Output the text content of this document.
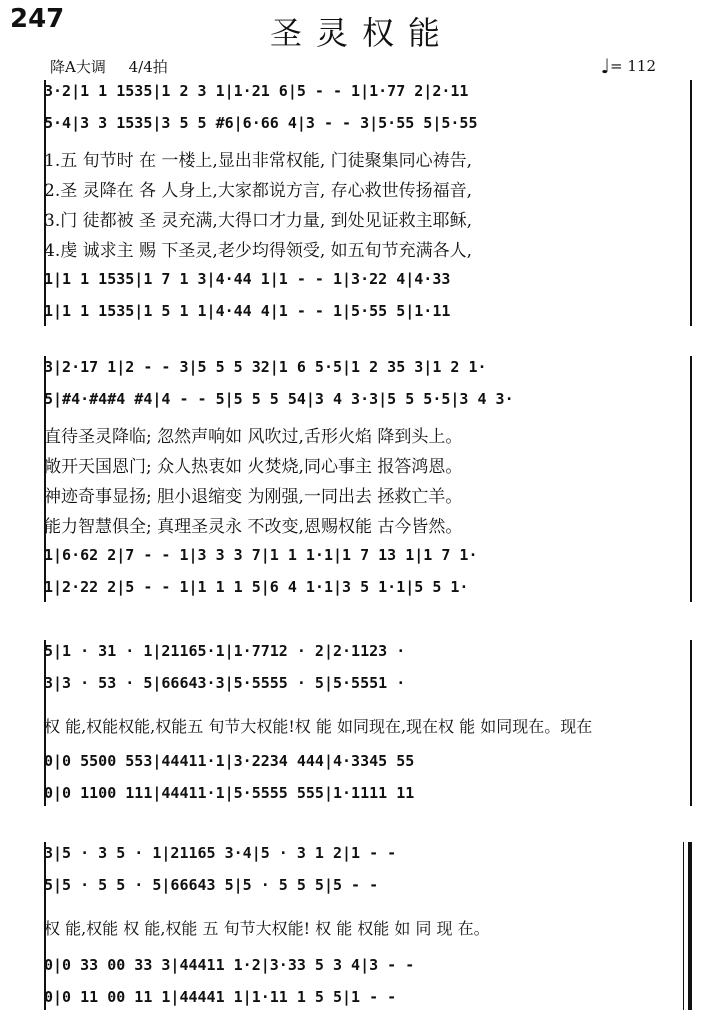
247	圣灵权能
降A大调 4/4拍	♩= 112
3·2|1 1 1535|1 2 3 1|1·21 6|5 - - 1|1·77 2|2·11
5·4|3 3 1535|3 5 5 #6|6·66 4|3 - - 3|5·55 5|5·55
1.五 旬节时 在 一楼上,显出非常权能, 门徒聚集同心祷告,
2.圣 灵降在 各 人身上,大家都说方言, 存心救世传扬福音,
3.门 徒都被 圣 灵充满,大得口才力量, 到处见证救主耶稣,
4.虔 诚求主 赐 下圣灵,老少均得领受, 如五旬节充满各人,
1|1 1 1535|1 7 1 3|4·44 1|1 - - 1|3·22 4|4·33
1|1 1 1535|1 5 1 1|4·44 4|1 - - 1|5·55 5|1·11
3|2·17 1|2 - - 3|5 5 5 32|1 6 5·5|1 2 35 3|1 2 1·
5|#4·#4#4 #4|4 - - 5|5 5 5 54|3 4 3·3|5 5 5·5|3 4 3·
直待圣灵降临; 忽然声响如 风吹过,舌形火焰 降到头上。
敞开天国恩门; 众人热衷如 火焚烧,同心事主 报答鸿恩。
神迹奇事显扬; 胆小退缩变 为刚强,一同出去 拯救亡羊。
能力智慧俱全; 真理圣灵永 不改变,恩赐权能 古今皆然。
1|6·62 2|7 - - 1|3 3 3 7|1 1 1·1|1 7 13 1|1 7 1·
1|2·22 2|5 - - 1|1 1 1 5|6 4 1·1|3 5 1·1|5 5 1·
5|1 · 31 · 1|21165·1|1·7712 · 2|2·1123 ·
3|3 · 53 · 5|66643·3|5·5555 · 5|5·5551 ·
权 能,权能权能,权能五 旬节大权能!权 能 如同现在,现在权 能 如同现在。现在
0|0 5500 553|44411·1|3·2234 444|4·3345 55
0|0 1100 111|44411·1|5·5555 555|1·1111 11
3|5 · 3 5 · 1|21165 3·4|5 · 3 1 2|1 - -
5|5 · 5 5 · 5|66643 5|5 · 5 5 5|5 - -
权 能,权能 权 能,权能 五 旬节大权能! 权 能 权能 如 同 现 在。
0|0 33 00 33 3|44411 1·2|3·33 5 3 4|3 - -
0|0 11 00 11 1|44441 1|1·11 1 5 5|1 - -
